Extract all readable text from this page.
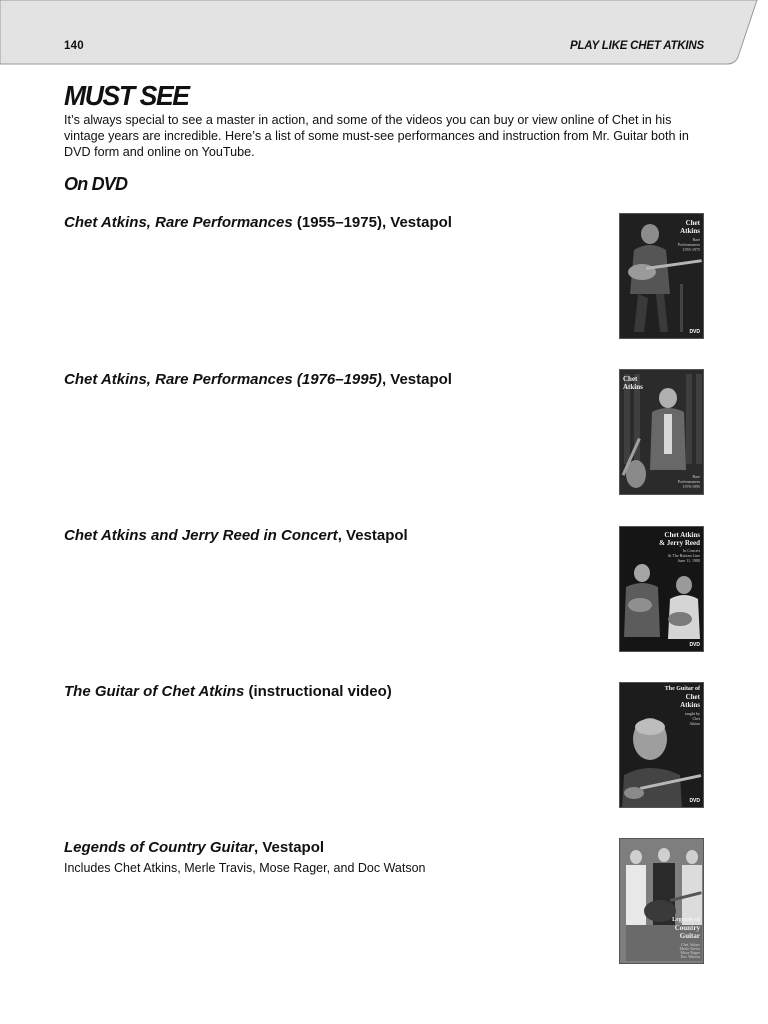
140	PLAY LIKE CHET ATKINS
MUST SEE

It’s always special to see a master in action, and some of the videos you can buy or view online of Chet in his vintage years are incredible. Here’s a list of some must-see performances and instruction from Mr. Guitar both in DVD form and online on YouTube.

On DVD
Chet Atkins, Rare Performances (1955–1975), Vestapol	Chet
Atkins
Rare
Performances
1955-1975
DVD
Chet Atkins, Rare Performances (1976–1995), Vestapol	Chet
Atkins
Rare
Performances
1976-1995
Chet Atkins and Jerry Reed in Concert, Vestapol	Chet Atkins
& Jerry Reed
In Concert
At The Bottom Line
June 11, 1980
DVD
The Guitar of Chet Atkins (instructional video)	The Guitar of
Chet
Atkins
taught by
Chet
Atkins
DVD
Legends of Country Guitar, Vestapol
Includes Chet Atkins, Merle Travis, Mose Rager, and Doc Watson
Legends of
Country
Guitar
Chet Atkins
Merle Travis
Mose Rager
Doc Watson
